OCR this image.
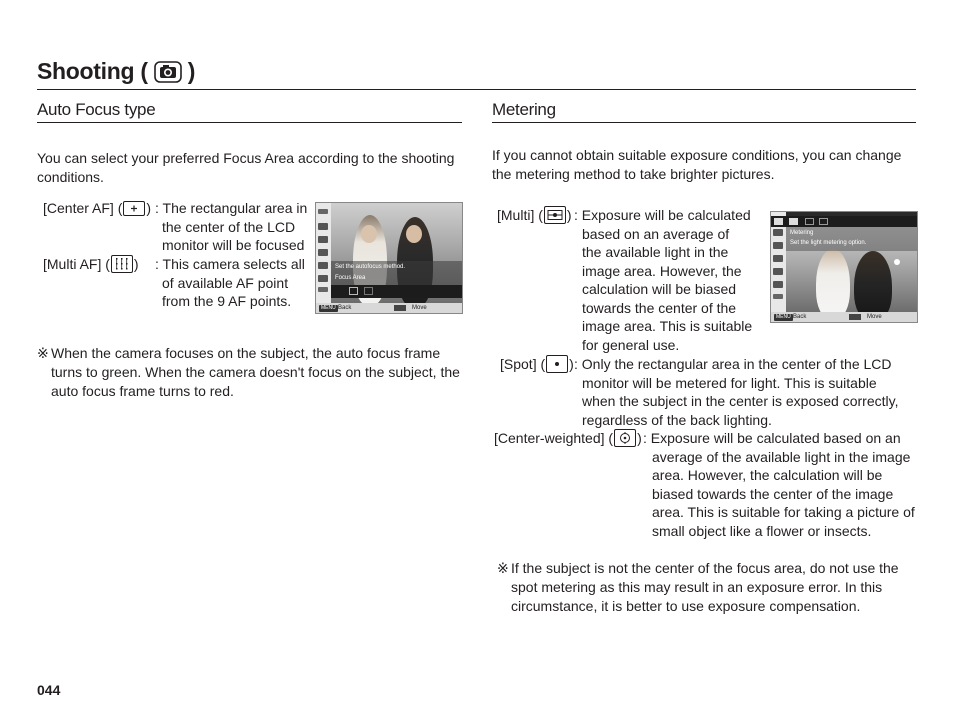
Shooting ( )
Auto Focus type
You can select your preferred Focus Area according to the shooting conditions.
[Center AF] ( ) : The rectangular area in
the center of the LCD
monitor will be focused
[Multi AF] ( ) : This camera selects all
of available AF point
from the 9 AF points.
Set the autofocus method.
Focus Area
MENU Back	Move
※ When the camera focuses on the subject, the auto focus frame turns to green. When the camera doesn't focus on the subject, the auto focus frame turns to red.
Metering
If you cannot obtain suitable exposure conditions, you can change the metering method to take brighter pictures.
[Multi] ( ) : Exposure will be calculated
based on an average of
the available light in the
image area. However, the
calculation will be biased
towards the center of the
image area. This is suitable
for general use.
Metering
Set the light metering option.
MENU Back	Move
[Spot] ( ) : Only the rectangular area in the center of the LCD
monitor will be metered for light. This is suitable
when the subject in the center is exposed correctly,
regardless of the back lighting.
[Center-weighted] ( ) : Exposure will be calculated based on an
average of the available light in the image
area. However, the calculation will be
biased towards the center of the image
area. This is suitable for taking a picture of
small object like a flower or insects.
※ If the subject is not the center of the focus area, do not use the spot metering as this may result in an exposure error. In this circumstance, it is better to use exposure compensation.
044
